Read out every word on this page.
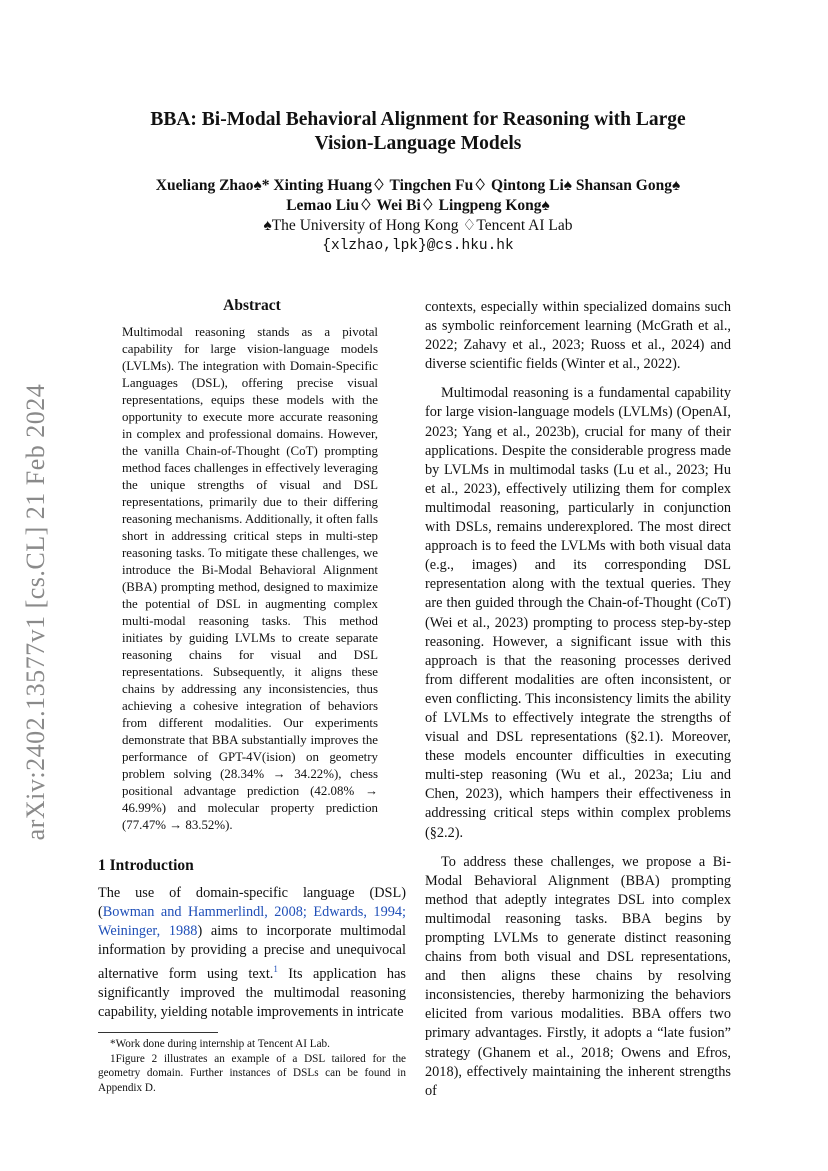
arXiv:2402.13577v1 [cs.CL] 21 Feb 2024
BBA: Bi-Modal Behavioral Alignment for Reasoning with Large
Vision-Language Models
Xueliang Zhao♠* Xinting Huang♢ Tingchen Fu♢ Qintong Li♠ Shansan Gong♠
Lemao Liu♢ Wei Bi♢ Lingpeng Kong♠
♠The University of Hong Kong ♢Tencent AI Lab
{xlzhao,lpk}@cs.hku.hk
Abstract

Multimodal reasoning stands as a pivotal capability for large vision-language models (LVLMs). The integration with Domain-Specific Languages (DSL), offering precise visual representations, equips these models with the opportunity to execute more accurate reasoning in complex and professional domains. However, the vanilla Chain-of-Thought (CoT) prompting method faces challenges in effectively leveraging the unique strengths of visual and DSL representations, primarily due to their differing reasoning mechanisms. Additionally, it often falls short in addressing critical steps in multi-step reasoning tasks. To mitigate these challenges, we introduce the Bi-Modal Behavioral Alignment (BBA) prompting method, designed to maximize the potential of DSL in augmenting complex multi-modal reasoning tasks. This method initiates by guiding LVLMs to create separate reasoning chains for visual and DSL representations. Subsequently, it aligns these chains by addressing any inconsistencies, thus achieving a cohesive integration of behaviors from different modalities. Our experiments demonstrate that BBA substantially improves the performance of GPT-4V(ision) on geometry problem solving (28.34% → 34.22%), chess positional advantage prediction (42.08% → 46.99%) and molecular property prediction (77.47% → 83.52%).

1 Introduction

The use of domain-specific language (DSL) (Bowman and Hammerlindl, 2008; Edwards, 1994; Weininger, 1988) aims to incorporate multimodal information by providing a precise and unequivocal alternative form using text.$^1$ Its application has significantly improved the multimodal reasoning capability, yielding notable improvements in intricate

*Work done during internship at Tencent AI Lab.

1Figure 2 illustrates an example of a DSL tailored for the geometry domain. Further instances of DSLs can be found in Appendix D.

contexts, especially within specialized domains such as symbolic reinforcement learning (McGrath et al., 2022; Zahavy et al., 2023; Ruoss et al., 2024) and diverse scientific fields (Winter et al., 2022).

Multimodal reasoning is a fundamental capability for large vision-language models (LVLMs) (OpenAI, 2023; Yang et al., 2023b), crucial for many of their applications. Despite the considerable progress made by LVLMs in multimodal tasks (Lu et al., 2023; Hu et al., 2023), effectively utilizing them for complex multimodal reasoning, particularly in conjunction with DSLs, remains underexplored. The most direct approach is to feed the LVLMs with both visual data (e.g., images) and its corresponding DSL representation along with the textual queries. They are then guided through the Chain-of-Thought (CoT) (Wei et al., 2023) prompting to process step-by-step reasoning. However, a significant issue with this approach is that the reasoning processes derived from different modalities are often inconsistent, or even conflicting. This inconsistency limits the ability of LVLMs to effectively integrate the strengths of visual and DSL representations (§2.1). Moreover, these models encounter difficulties in executing multi-step reasoning (Wu et al., 2023a; Liu and Chen, 2023), which hampers their effectiveness in addressing critical steps within complex problems (§2.2).

To address these challenges, we propose a Bi-Modal Behavioral Alignment (BBA) prompting method that adeptly integrates DSL into complex multimodal reasoning tasks. BBA begins by prompting LVLMs to generate distinct reasoning chains from both visual and DSL representations, and then aligns these chains by resolving inconsistencies, thereby harmonizing the behaviors elicited from various modalities. BBA offers two primary advantages. Firstly, it adopts a “late fusion” strategy (Ghanem et al., 2018; Owens and Efros, 2018), effectively maintaining the inherent strengths of
